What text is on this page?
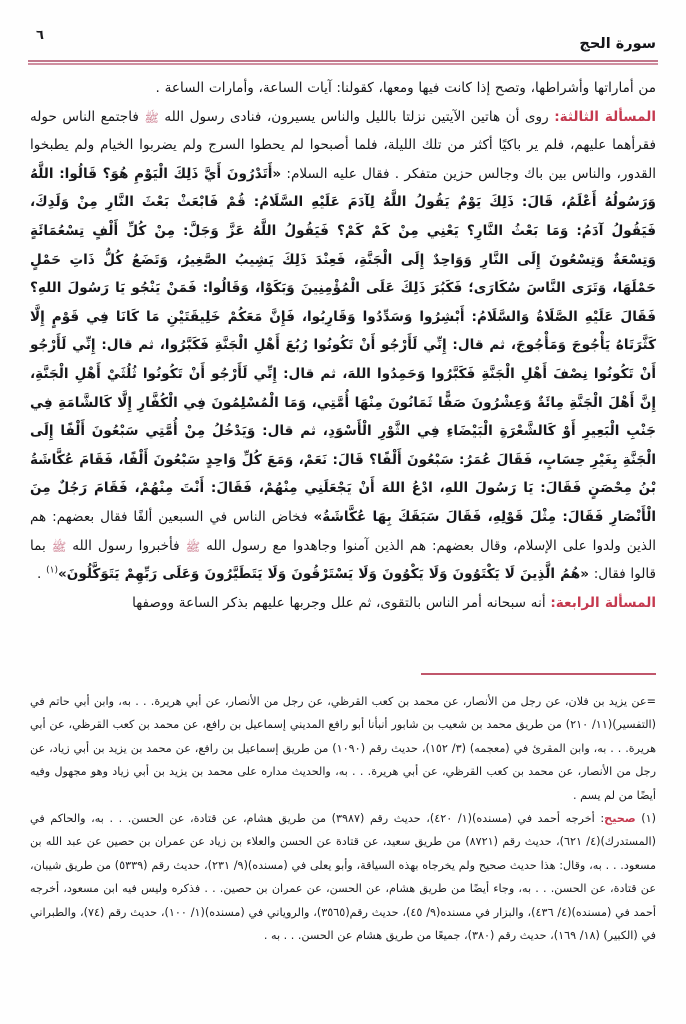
٦
سورة الحج

من أماراتها وأشراطها، وتصح إذا كانت فيها ومعها، كقولنا: آيات الساعة، وأمارات الساعة .

المسألة الثالثة: روى أن هاتين الآيتين نزلتا بالليل والناس يسيرون، فنادى رسول الله ﷺ فاجتمع الناس حوله فقرأهما عليهم، فلم ير باكيًا أكثر من تلك الليلة، فلما أصبحوا لم يحطوا السرج ولم يضربوا الخيام ولم يطبخوا القدور، والناس بين باك وجالس حزين متفكر . فقال عليه السلام: «أَتَدْرُونَ أَيَّ ذَلِكَ الْيَوْمِ هُوَ؟ قَالُوا: اللَّهُ وَرَسُولُهُ أَعْلَمُ، قَالَ: ذَلِكَ يَوْمٌ يَقُولُ اللَّهُ لِآدَمَ عَلَيْهِ السَّلَامُ: قُمْ فَابْعَثْ بَعْثَ النَّارِ مِنْ وَلَدِكَ، فَيَقُولُ آدَمُ: وَمَا بَعْثُ النَّارِ؟ يَعْنِي مِنْ كَمْ كَمْ؟ فَيَقُولُ اللَّهُ عَزَّ وَجَلَّ: مِنْ كُلِّ أَلْفٍ تِسْعُمَائَةٍ وَتِسْعَةٌ وَتِسْعُونَ إِلَى النَّارِ وَوَاحِدٌ إِلَى الْجَنَّةِ، فَعِنْدَ ذَلِكَ يَشِيبُ الصَّغِيرُ، وَتَضَعُ كُلُّ ذَاتِ حَمْلٍ حَمْلَهَا، وَتَرَى النَّاسَ سُكَارَى؛ فَكَبُرَ ذَلِكَ عَلَى الْمُؤْمِنِينَ وَبَكَوْا، وَقَالُوا: فَمَنْ يَنْجُو يَا رَسُولَ اللهِ؟ فَقَالَ عَلَيْهِ الصَّلَاةُ وَالسَّلَامُ: أَبْشِرُوا وَسَدِّدُوا وَقَارِبُوا، فَإِنَّ مَعَكُمْ خَلِيقَتَيْنِ مَا كَانَا فِي قَوْمٍ إِلَّا كَثَّرَتَاهُ يَأْجُوجَ وَمَأْجُوجَ، ثم قال: إِنِّي لَأَرْجُو أَنْ تَكُونُوا رُبُعَ أَهْلِ الْجَنَّةِ فَكَبَّرُوا، ثم قال: إِنِّي لَأَرْجُو أَنْ تَكُونُوا نِصْفَ أَهْلِ الْجَنَّةِ فَكَبَّرُوا وَحَمِدُوا اللهَ، ثم قال: إِنِّي لَأَرْجُو أَنْ تَكُونُوا ثُلُثَيْ أَهْلِ الْجَنَّةِ، إِنَّ أَهْلَ الْجَنَّةِ مِائَةٌ وَعِشْرُونَ صَفًّا ثَمَانُونَ مِنْهَا أُمَّتِي، وَمَا الْمُسْلِمُونَ فِي الْكُفَّارِ إِلَّا كَالشَّامَةِ فِي جَنْبِ الْبَعِيرِ أَوْ كَالشَّعْرَةِ الْبَيْضَاءِ فِي الثَّوْرِ الْأَسْوَدِ، ثم قال: وَيَدْخُلُ مِنْ أُمَّتِي سَبْعُونَ أَلْفًا إِلَى الْجَنَّةِ بِغَيْرِ حِسَابٍ، فَقَالَ عُمَرُ: سَبْعُونَ أَلْفًا؟ قَالَ: نَعَمْ، وَمَعَ كُلِّ وَاحِدٍ سَبْعُونَ أَلْفًا، فَقَامَ عُكَّاشَةُ بْنُ مِحْصَنٍ فَقَالَ: يَا رَسُولَ اللهِ، ادْعُ اللهَ أَنْ يَجْعَلَنِي مِنْهُمْ، فَقَالَ: أَنْتَ مِنْهُمْ، فَقَامَ رَجُلٌ مِنَ الْأَنْصَارِ فَقَالَ: مِثْلَ قَوْلِهِ، فَقَالَ سَبَقَكَ بِهَا عُكَّاشَةُ» فخاض الناس في السبعين ألفًا فقال بعضهم: هم الذين ولدوا على الإسلام، وقال بعضهم: هم الذين آمنوا وجاهدوا مع رسول الله ﷺ فأخبروا رسول الله ﷺ بما قالوا فقال: «هُمُ الَّذِينَ لَا يَكْتَوُونَ وَلَا يَكْوُونَ وَلَا يَسْتَرْقُونَ وَلَا يَتَطَيَّرُونَ وَعَلَى رَبِّهِمْ يَتَوَكَّلُونَ»$^{(١)}$ .

المسألة الرابعة: أنه سبحانه أمر الناس بالتقوى، ثم علل وجربها عليهم بذكر الساعة ووصفها

=عن يزيد بن فلان، عن رجل من الأنصار، عن محمد بن كعب القرظي، عن رجل من الأنصار، عن أبي هريرة. . . به، وابن أبي حاتم في (التفسير)(١١/ ٢١٠) من طريق محمد بن شعيب بن شابور أنبأنا أبو رافع المديني إسماعيل بن رافع، عن محمد بن كعب القرظي، عن أبي هريرة. . . به، وابن المقرئ في (معجمه) (٣/ ١٥٢)، حديث رقم (١٠٩٠) من طريق إسماعيل بن رافع، عن محمد بن يزيد بن أبي زياد، عن رجل من الأنصار، عن محمد بن كعب القرظي، عن أبي هريرة. . . به، والحديث مداره على محمد بن يزيد بن أبي زياد وهو مجهول وفيه أيضًا من لم يسم .

(١) صحيح: أخرجه أحمد في (مسنده)(١/ ٤٢٠)، حديث رقم (٣٩٨٧) من طريق هشام، عن قتادة، عن الحسن. . . به، والحاكم في (المستدرك)(٤/ ٦٢١)، حديث رقم (٨٧٢١) من طريق سعيد، عن قتادة عن الحسن والعلاء بن زياد عن عمران بن حصين عن عبد الله بن مسعود. . . به، وقال: هذا حديث صحيح ولم يخرجاه بهذه السياقة، وأبو يعلى في (مسنده)(٩/ ٢٣١)، حديث رقم (٥٣٣٩) من طريق شيبان، عن قتادة، عن الحسن. . . به، وجاء أيضًا من طريق هشام، عن الحسن، عن عمران بن حصين. . . فذكره وليس فيه ابن مسعود، أخرجه أحمد في (مسنده)(٤/ ٤٣٦)، والبزار في مسنده(٩/ ٤٥)، حديث رقم(٣٥٦٥)، والروياني في (مسنده)(١/ ١٠٠)، حديث رقم (٧٤)، والطبراني في (الكبير) (١٨/ ١٦٩)، حديث رقم (٣٨٠)، جميعًا من طريق هشام عن الحسن. . . به .
